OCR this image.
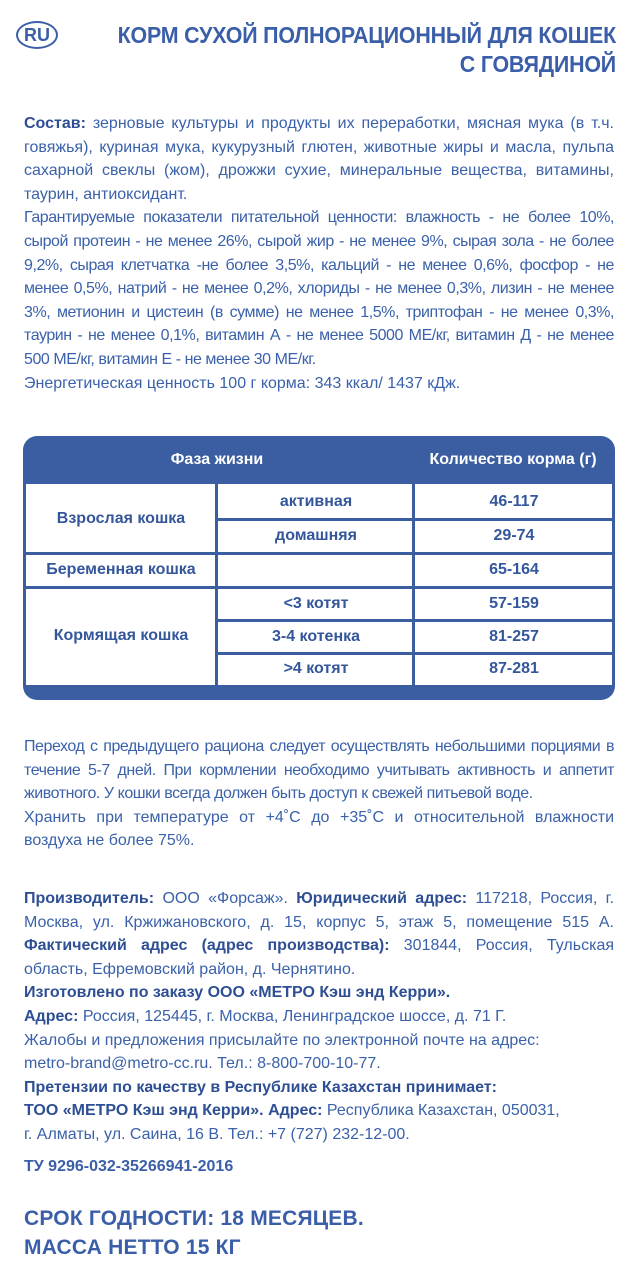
RU	КОРМ СУХОЙ ПОЛНОРАЦИОННЫЙ ДЛЯ КОШЕК
С ГОВЯДИНОЙ

Состав: зерновые культуры и продукты их переработки, мясная мука (в т.ч. говяжья), куриная мука, кукурузный глютен, животные жиры и масла, пульпа сахарной свеклы (жом), дрожжи сухие, минеральные вещества, витамины, таурин, антиоксидант.

Гарантируемые показатели питательной ценности: влажность - не более 10%, сырой протеин - не менее 26%, сырой жир - не менее 9%, сырая зола - не более 9,2%, сырая клетчатка -не более 3,5%, кальций - не менее 0,6%, фосфор - не менее 0,5%, натрий - не менее 0,2%, хлориды - не менее 0,3%, лизин - не менее 3%, метионин и цистеин (в сумме) не менее 1,5%, триптофан - не менее 0,3%, таурин - не менее 0,1%, витамин А - не менее 5000 МЕ/кг, витамин Д - не менее 500 МЕ/кг, витамин Е - не менее 30 МЕ/кг.

Энергетическая ценность 100 г корма: 343 ккал/ 1437 кДж.

Фаза жизни	Количество корма (г)
Взрослая кошка
Беременная кошка
Кормящая кошка
активная
домашняя
<3 котят
3-4 котенка
>4 котят
46-117
29-74
65-164
57-159
81-257
87-281

Переход с предыдущего рациона следует осуществлять небольшими порциями в течение 5-7 дней. При кормлении необходимо учитывать активность и аппетит животного. У кошки всегда должен быть доступ к свежей питьевой воде.

Хранить при температуре от +4˚С до +35˚С и относительной влажности воздуха не более 75%.

Производитель: ООО «Форсаж». Юридический адрес: 117218, Россия, г. Москва, ул. Кржижановского, д. 15, корпус 5, этаж 5, помещение 515 А. Фактический адрес (адрес производства): 301844, Россия, Тульская область, Ефремовский район, д. Чернятино.

Изготовлено по заказу ООО «МЕТРО Кэш энд Керри».

Адрес: Россия, 125445, г. Москва, Ленинградское шоссе, д. 71 Г.

Жалобы и предложения присылайте по электронной почте на адрес:

metro-brand@metro-cc.ru. Тел.: 8-800-700-10-77.

Претензии по качеству в Республике Казахстан принимает:

ТОО «МЕТРО Кэш энд Керри». Адрес: Республика Казахстан, 050031,

г. Алматы, ул. Саина, 16 В. Тел.: +7 (727) 232-12-00.

ТУ 9296-032-35266941-2016
СРОК ГОДНОСТИ: 18 МЕСЯЦЕВ.
МАССА НЕТТО 15 КГ
